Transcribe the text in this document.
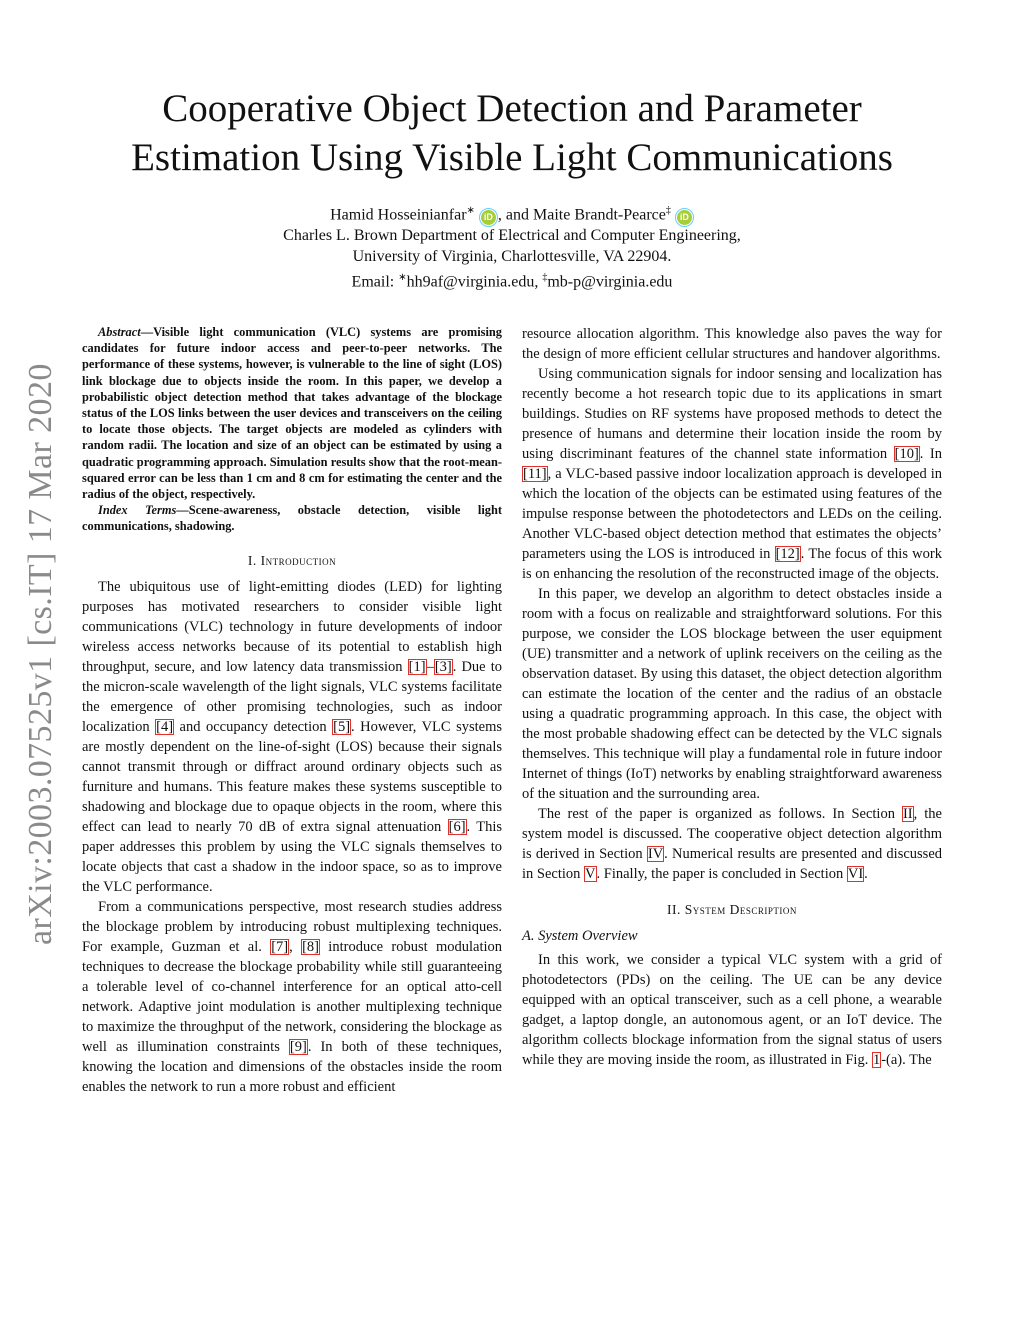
arXiv:2003.07525v1 [cs.IT] 17 Mar 2020
Cooperative Object Detection and Parameter
Estimation Using Visible Light Communications
Hamid Hosseinianfar∗ iD , and Maite Brandt-Pearce‡ iD
Charles L. Brown Department of Electrical and Computer Engineering,
University of Virginia, Charlottesville, VA 22904.
Email: ∗hh9af@virginia.edu, ‡mb-p@virginia.edu

Abstract—Visible light communication (VLC) systems are promising candidates for future indoor access and peer-to-peer networks. The performance of these systems, however, is vulnerable to the line of sight (LOS) link blockage due to objects inside the room. In this paper, we develop a probabilistic object detection method that takes advantage of the blockage status of the LOS links between the user devices and transceivers on the ceiling to locate those objects. The target objects are modeled as cylinders with random radii. The location and size of an object can be estimated by using a quadratic programming approach. Simulation results show that the root-mean-squared error can be less than 1 cm and 8 cm for estimating the center and the radius of the object, respectively.

Index Terms—Scene-awareness, obstacle detection, visible light communications, shadowing.

I. Introduction

The ubiquitous use of light-emitting diodes (LED) for lighting purposes has motivated researchers to consider visible light communications (VLC) technology in future developments of indoor wireless access networks because of its potential to establish high throughput, secure, and low latency data transmission [1]–[3]. Due to the micron-scale wavelength of the light signals, VLC systems facilitate the emergence of other promising technologies, such as indoor localization [4] and occupancy detection [5]. However, VLC systems are mostly dependent on the line-of-sight (LOS) because their signals cannot transmit through or diffract around ordinary objects such as furniture and humans. This feature makes these systems susceptible to shadowing and blockage due to opaque objects in the room, where this effect can lead to nearly 70 dB of extra signal attenuation [6]. This paper addresses this problem by using the VLC signals themselves to locate objects that cast a shadow in the indoor space, so as to improve the VLC performance.

From a communications perspective, most research studies address the blockage problem by introducing robust multiplexing techniques. For example, Guzman et al. [7], [8] introduce robust modulation techniques to decrease the blockage probability while still guaranteeing a tolerable level of co-channel interference for an optical atto-cell network. Adaptive joint modulation is another multiplexing technique to maximize the throughput of the network, considering the blockage as well as illumination constraints [9]. In both of these techniques, knowing the location and dimensions of the obstacles inside the room enables the network to run a more robust and efficient

resource allocation algorithm. This knowledge also paves the way for the design of more efficient cellular structures and handover algorithms.

Using communication signals for indoor sensing and localization has recently become a hot research topic due to its applications in smart buildings. Studies on RF systems have proposed methods to detect the presence of humans and determine their location inside the room by using discriminant features of the channel state information [10]. In [11], a VLC-based passive indoor localization approach is developed in which the location of the objects can be estimated using features of the impulse response between the photodetectors and LEDs on the ceiling. Another VLC-based object detection method that estimates the objects’ parameters using the LOS is introduced in [12]. The focus of this work is on enhancing the resolution of the reconstructed image of the objects.

In this paper, we develop an algorithm to detect obstacles inside a room with a focus on realizable and straightforward solutions. For this purpose, we consider the LOS blockage between the user equipment (UE) transmitter and a network of uplink receivers on the ceiling as the observation dataset. By using this dataset, the object detection algorithm can estimate the location of the center and the radius of an obstacle using a quadratic programming approach. In this case, the object with the most probable shadowing effect can be detected by the VLC signals themselves. This technique will play a fundamental role in future indoor Internet of things (IoT) networks by enabling straightforward awareness of the situation and the surrounding area.

The rest of the paper is organized as follows. In Section II, the system model is discussed. The cooperative object detection algorithm is derived in Section IV. Numerical results are presented and discussed in Section V. Finally, the paper is concluded in Section VI.

II. System Description
A. System Overview

In this work, we consider a typical VLC system with a grid of photodetectors (PDs) on the ceiling. The UE can be any device equipped with an optical transceiver, such as a cell phone, a wearable gadget, a laptop dongle, an autonomous agent, or an IoT device. The algorithm collects blockage information from the signal status of users while they are moving inside the room, as illustrated in Fig. 1-(a). The
